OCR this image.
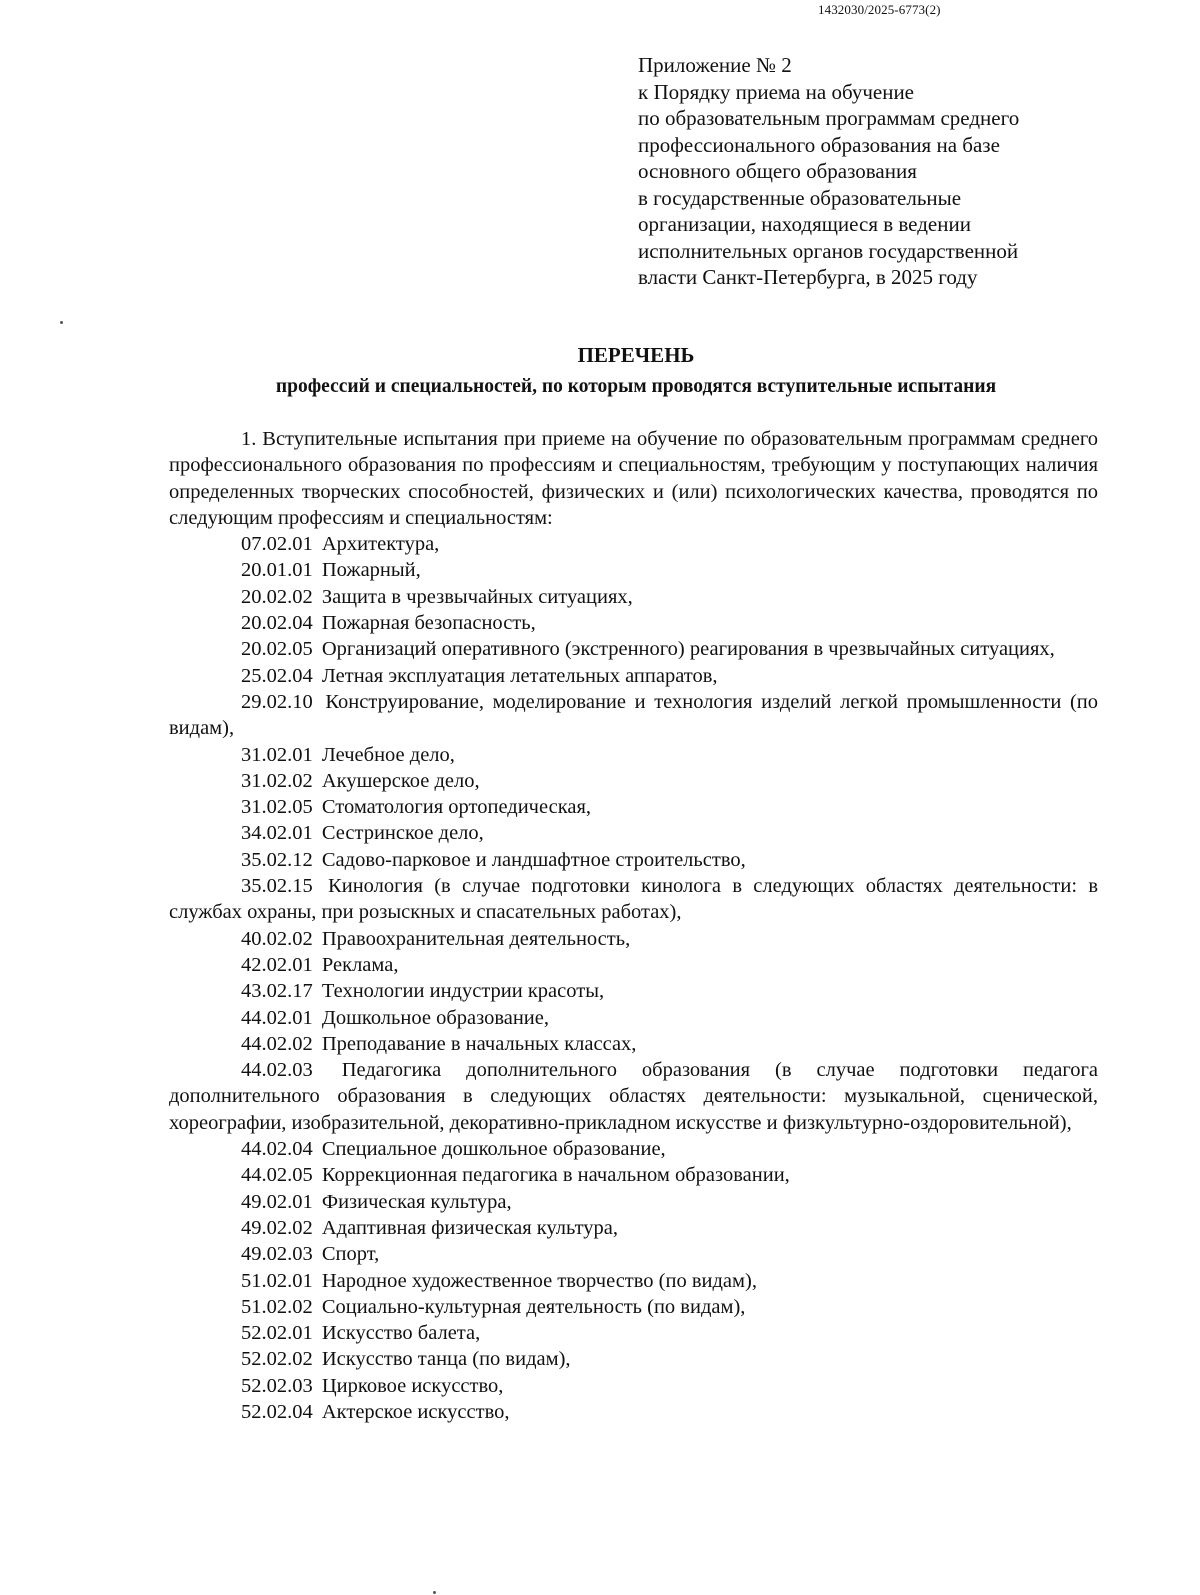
1432030/2025-6773(2)
Приложение № 2
к Порядку приема на обучение
по образовательным программам среднего
профессионального образования на базе
основного общего образования
в государственные образовательные
организации, находящиеся в ведении
исполнительных органов государственной
власти Санкт-Петербурга, в 2025 году
ПЕРЕЧЕНЬ
профессий и специальностей, по которым проводятся вступительные испытания

1. Вступительные испытания при приеме на обучение по образовательным программам среднего профессионального образования по профессиям и специальностям, требующим у поступающих наличия определенных творческих способностей, физических и (или) психологических качества, проводятся по следующим профессиям и специальностям:

07.02.01 Архитектура,

20.01.01 Пожарный,

20.02.02 Защита в чрезвычайных ситуациях,

20.02.04 Пожарная безопасность,

20.02.05 Организаций оперативного (экстренного) реагирования в чрезвычайных ситуациях,

25.02.04 Летная эксплуатация летательных аппаратов,

29.02.10 Конструирование, моделирование и технология изделий легкой промышленности (по видам),

31.02.01 Лечебное дело,

31.02.02 Акушерское дело,

31.02.05 Стоматология ортопедическая,

34.02.01 Сестринское дело,

35.02.12 Садово-парковое и ландшафтное строительство,

35.02.15 Кинология (в случае подготовки кинолога в следующих областях деятельности: в службах охраны, при розыскных и спасательных работах),

40.02.02 Правоохранительная деятельность,

42.02.01 Реклама,

43.02.17 Технологии индустрии красоты,

44.02.01 Дошкольное образование,

44.02.02 Преподавание в начальных классах,

44.02.03 Педагогика дополнительного образования (в случае подготовки педагога дополнительного образования в следующих областях деятельности: музыкальной, сценической, хореографии, изобразительной, декоративно-прикладном искусстве и физкультурно-оздоровительной),

44.02.04 Специальное дошкольное образование,

44.02.05 Коррекционная педагогика в начальном образовании,

49.02.01 Физическая культура,

49.02.02 Адаптивная физическая культура,

49.02.03 Спорт,

51.02.01 Народное художественное творчество (по видам),

51.02.02 Социально-культурная деятельность (по видам),

52.02.01 Искусство балета,

52.02.02 Искусство танца (по видам),

52.02.03 Цирковое искусство,

52.02.04 Актерское искусство,
